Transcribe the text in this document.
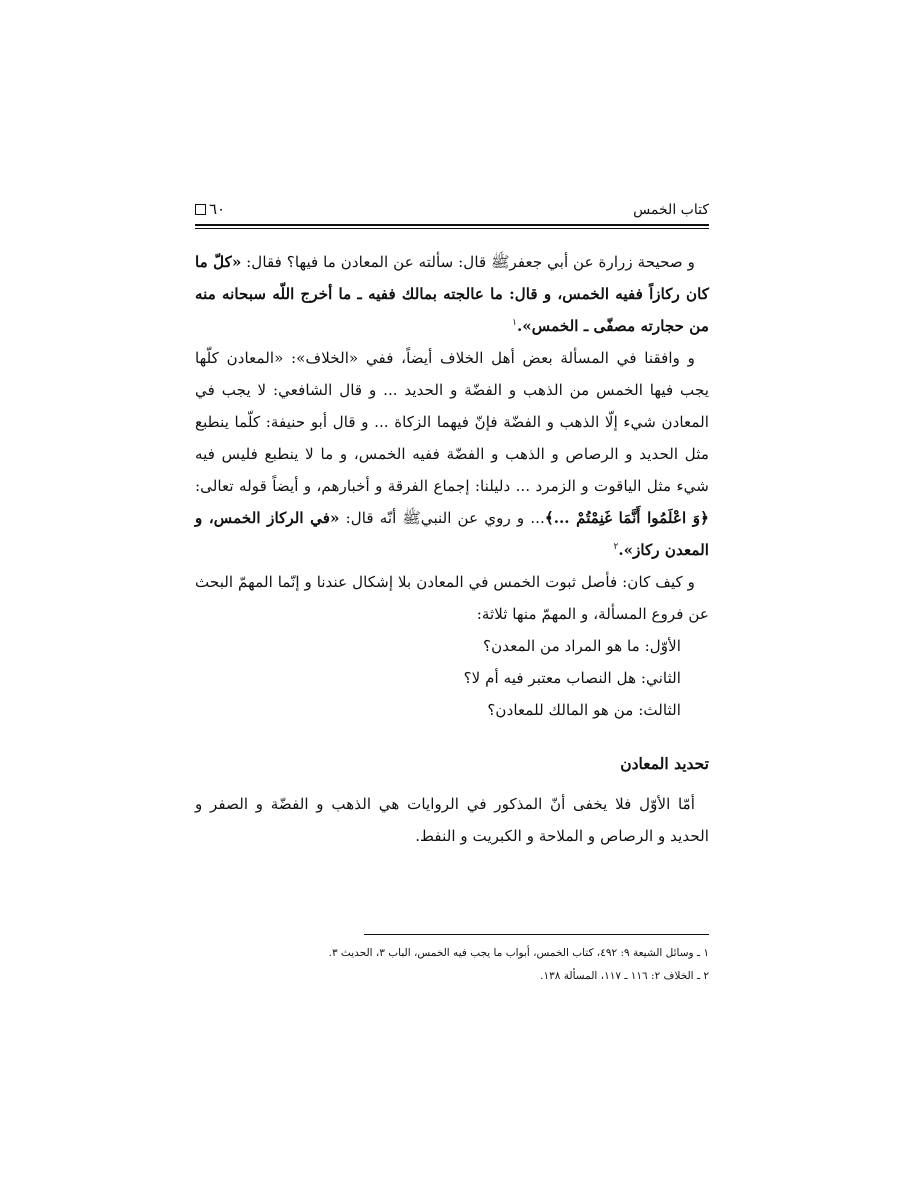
كتاب الخمس
٦٠

و صحيحة زرارة عن أبي جعفرﷺ قال: سألته عن المعادن ما فيها؟ فقال: «كلّ ما كان ركازاً ففيه الخمس، و قال: ما عالجته بمالك ففيه ـ ما أخرج اللّه سبحانه منه من حجارته مصفّى ـ الخمس».$^١$

و وافقنا في المسألة بعض أهل الخلاف أيضاً، ففي «الخلاف»: «المعادن كلّها يجب فيها الخمس من الذهب و الفضّة و الحديد ... و قال الشافعي: لا يجب في المعادن شيء إلّا الذهب و الفضّة فإنّ فيهما الزكاة ... و قال أبو حنيفة: كلّما ينطبع مثل الحديد و الرصاص و الذهب و الفضّة ففيه الخمس، و ما لا ينطبع فليس فيه شيء مثل الياقوت و الزمرد ... دليلنا: إجماع الفرقة و أخبارهم، و أيضاً قوله تعالى: ﴿وَ اعْلَمُوا أَنَّمَا غَنِمْتُمْ ...﴾... و روي عن النبيﷺ أنّه قال: «في الركاز الخمس، و المعدن ركاز».$^٢$

و كيف كان: فأصل ثبوت الخمس في المعادن بلا إشكال عندنا و إنّما المهمّ البحث عن فروع المسألة، و المهمّ منها ثلاثة:

الأوّل: ما هو المراد من المعدن؟

الثاني: هل النصاب معتبر فيه أم لا؟

الثالث: من هو المالك للمعادن؟

تحديد المعادن

أمّا الأوّل فلا يخفى أنّ المذكور في الروايات هي الذهب و الفضّة و الصفر و الحديد و الرصاص و الملاحة و الكبريت و النفط.

١ ـ وسائل الشيعة ٩: ٤٩٢، كتاب الخمس، أبواب ما يجب فيه الخمس، الباب ٣، الحديث ٣.

٢ ـ الخلاف ٢: ١١٦ ـ ١١٧، المسألة ١٣٨.
